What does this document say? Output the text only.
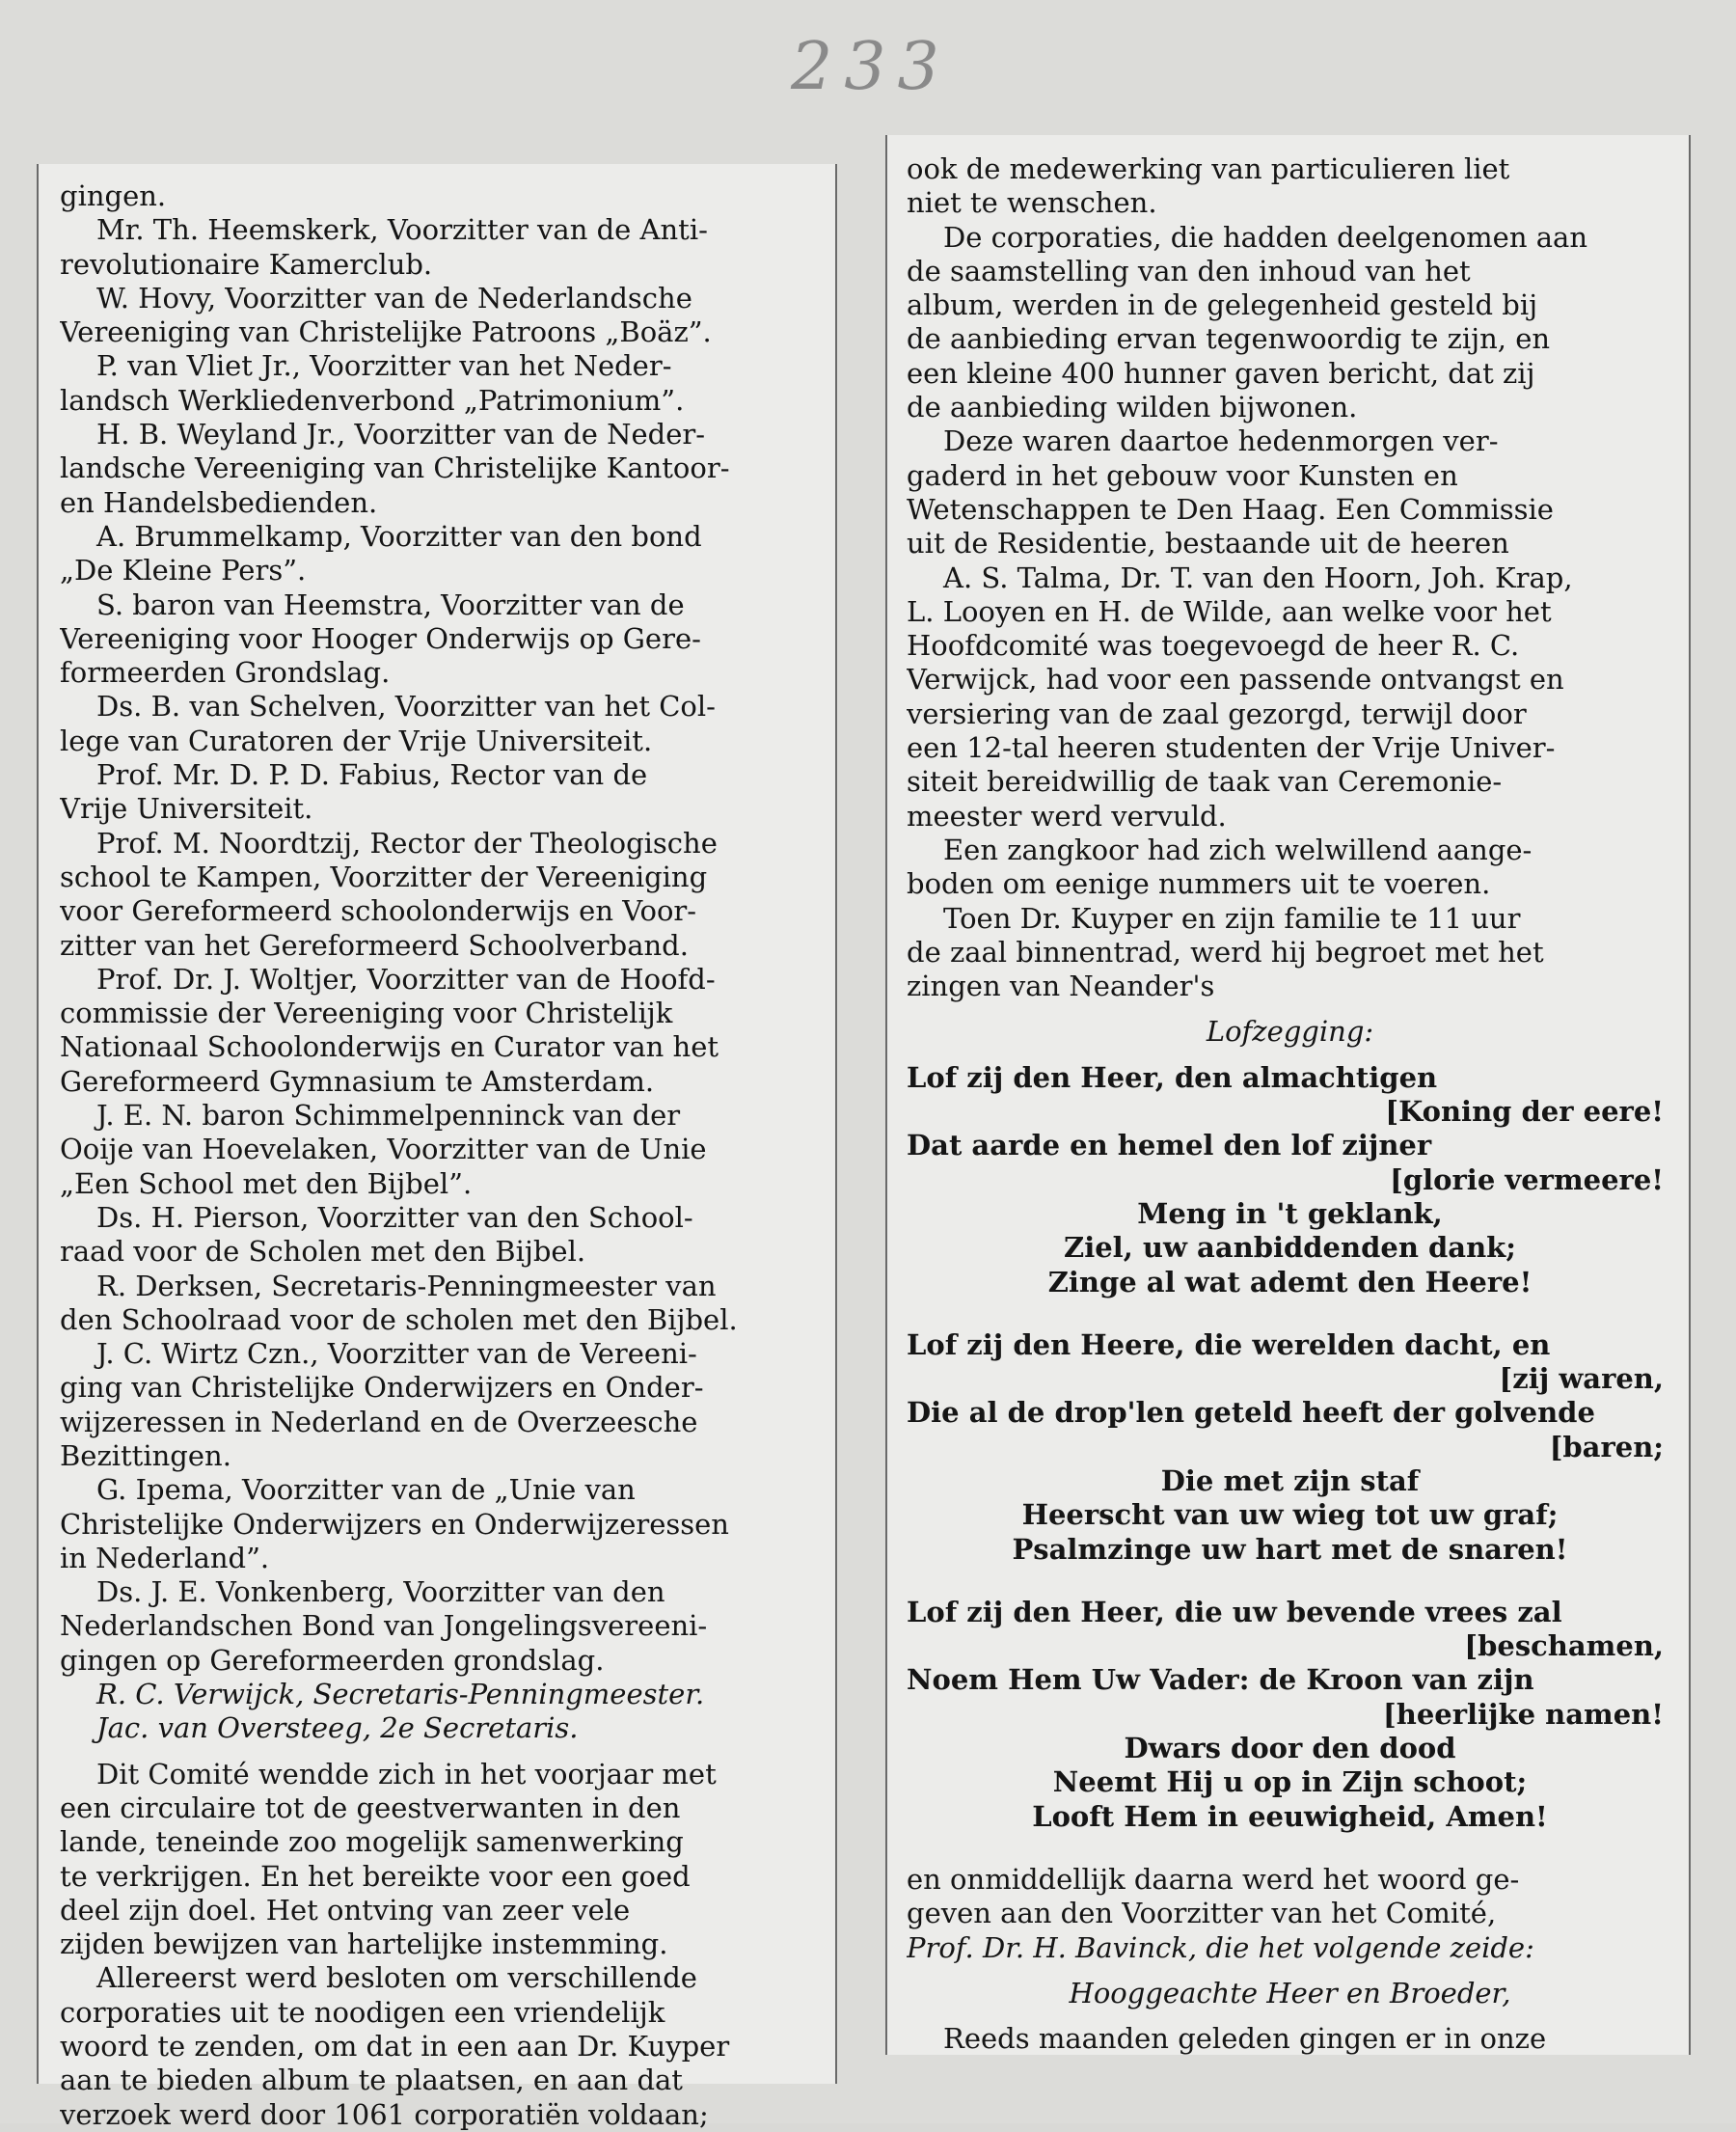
233
gingen.
Mr. Th. Heemskerk, Voorzitter van de Anti-
revolutionaire Kamerclub.
W. Hovy, Voorzitter van de Nederlandsche
Vereeniging van Christelijke Patroons „Boäz”.
P. van Vliet Jr., Voorzitter van het Neder-
landsch Werkliedenverbond „Patrimonium”.
H. B. Weyland Jr., Voorzitter van de Neder-
landsche Vereeniging van Christelijke Kantoor-
en Handelsbedienden.
A. Brummelkamp, Voorzitter van den bond
„De Kleine Pers”.
S. baron van Heemstra, Voorzitter van de
Vereeniging voor Hooger Onderwijs op Gere-
formeerden Grondslag.
Ds. B. van Schelven, Voorzitter van het Col-
lege van Curatoren der Vrije Universiteit.
Prof. Mr. D. P. D. Fabius, Rector van de
Vrije Universiteit.
Prof. M. Noordtzij, Rector der Theologische
school te Kampen, Voorzitter der Vereeniging
voor Gereformeerd schoolonderwijs en Voor-
zitter van het Gereformeerd Schoolverband.
Prof. Dr. J. Woltjer, Voorzitter van de Hoofd-
commissie der Vereeniging voor Christelijk
Nationaal Schoolonderwijs en Curator van het
Gereformeerd Gymnasium te Amsterdam.
J. E. N. baron Schimmelpenninck van der
Ooije van Hoevelaken, Voorzitter van de Unie
„Een School met den Bijbel”.
Ds. H. Pierson, Voorzitter van den School-
raad voor de Scholen met den Bijbel.
R. Derksen, Secretaris-Penningmeester van
den Schoolraad voor de scholen met den Bijbel.
J. C. Wirtz Czn., Voorzitter van de Vereeni-
ging van Christelijke Onderwijzers en Onder-
wijzeressen in Nederland en de Overzeesche
Bezittingen.
G. Ipema, Voorzitter van de „Unie van
Christelijke Onderwijzers en Onderwijzeressen
in Nederland”.
Ds. J. E. Vonkenberg, Voorzitter van den
Nederlandschen Bond van Jongelingsvereeni-
gingen op Gereformeerden grondslag.
R. C. Verwijck, Secretaris-Penningmeester.
Jac. van Oversteeg, 2e Secretaris.
Dit Comité wendde zich in het voorjaar met
een circulaire tot de geestverwanten in den
lande, teneinde zoo mogelijk samenwerking
te verkrijgen. En het bereikte voor een goed
deel zijn doel. Het ontving van zeer vele
zijden bewijzen van hartelijke instemming.
Allereerst werd besloten om verschillende
corporaties uit te noodigen een vriendelijk
woord te zenden, om dat in een aan Dr. Kuyper
aan te bieden album te plaatsen, en aan dat
verzoek werd door 1061 corporatiën voldaan;
ook de medewerking van particulieren liet
niet te wenschen.
De corporaties, die hadden deelgenomen aan
de saamstelling van den inhoud van het
album, werden in de gelegenheid gesteld bij
de aanbieding ervan tegenwoordig te zijn, en
een kleine 400 hunner gaven bericht, dat zij
de aanbieding wilden bijwonen.
Deze waren daartoe hedenmorgen ver-
gaderd in het gebouw voor Kunsten en
Wetenschappen te Den Haag. Een Commissie
uit de Residentie, bestaande uit de heeren
A. S. Talma, Dr. T. van den Hoorn, Joh. Krap,
L. Looyen en H. de Wilde, aan welke voor het
Hoofdcomité was toegevoegd de heer R. C.
Verwijck, had voor een passende ontvangst en
versiering van de zaal gezorgd, terwijl door
een 12-tal heeren studenten der Vrije Univer-
siteit bereidwillig de taak van Ceremonie-
meester werd vervuld.
Een zangkoor had zich welwillend aange-
boden om eenige nummers uit te voeren.
Toen Dr. Kuyper en zijn familie te 11 uur
de zaal binnentrad, werd hij begroet met het
zingen van Neander's
Lofzegging:
Lof zij den Heer, den almachtigen
[Koning der eere!
Dat aarde en hemel den lof zijner
[glorie vermeere!
Meng in 't geklank,
Ziel, uw aanbiddenden dank;
Zinge al wat ademt den Heere!
Lof zij den Heere, die werelden dacht, en
[zij waren,
Die al de drop'len geteld heeft der golvende
[baren;
Die met zijn staf
Heerscht van uw wieg tot uw graf;
Psalmzinge uw hart met de snaren!
Lof zij den Heer, die uw bevende vrees zal
[beschamen,
Noem Hem Uw Vader: de Kroon van zijn
[heerlijke namen!
Dwars door den dood
Neemt Hij u op in Zijn schoot;
Looft Hem in eeuwigheid, Amen!
en onmiddellijk daarna werd het woord ge-
geven aan den Voorzitter van het Comité,
Prof. Dr. H. Bavinck, die het volgende zeide:
Hooggeachte Heer en Broeder,
Reeds maanden geleden gingen er in onze
